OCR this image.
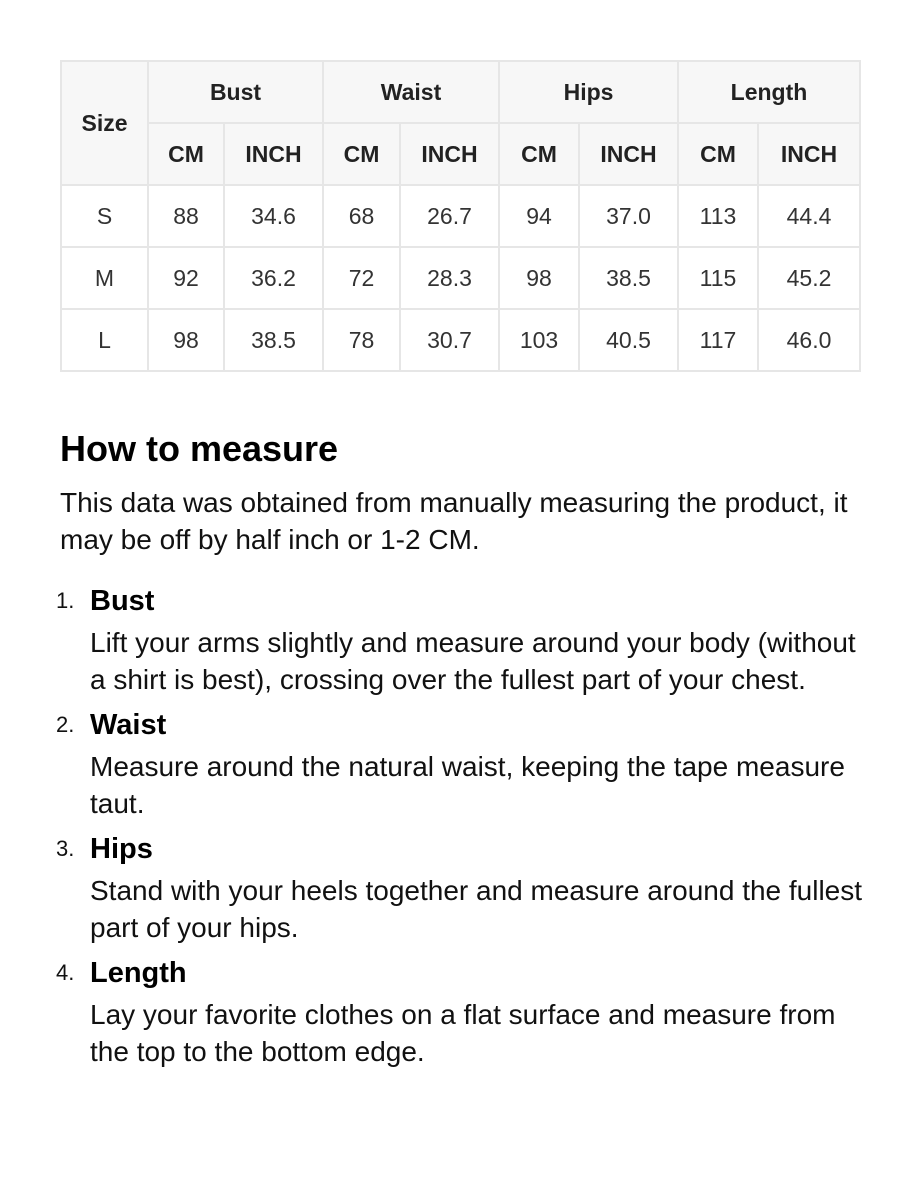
Size	Bust		Waist		Hips		Length	
	CM	INCH	CM	INCH	CM	INCH	CM	INCH
S	88	34.6	68	26.7	94	37.0	113	44.4
M	92	36.2	72	28.3	98	38.5	115	45.2
L	98	38.5	78	30.7	103	40.5	117	46.0
How to measure

This data was obtained from manually measuring the product, it may be off by half inch or 1-2 CM.

1. Bust

Lift your arms slightly and measure around your body (without a shirt is best), crossing over the fullest part of your chest.

2. Waist

Measure around the natural waist, keeping the tape measure taut.

3. Hips

Stand with your heels together and measure around the fullest part of your hips.

4. Length

Lay your favorite clothes on a flat surface and measure from the top to the bottom edge.
